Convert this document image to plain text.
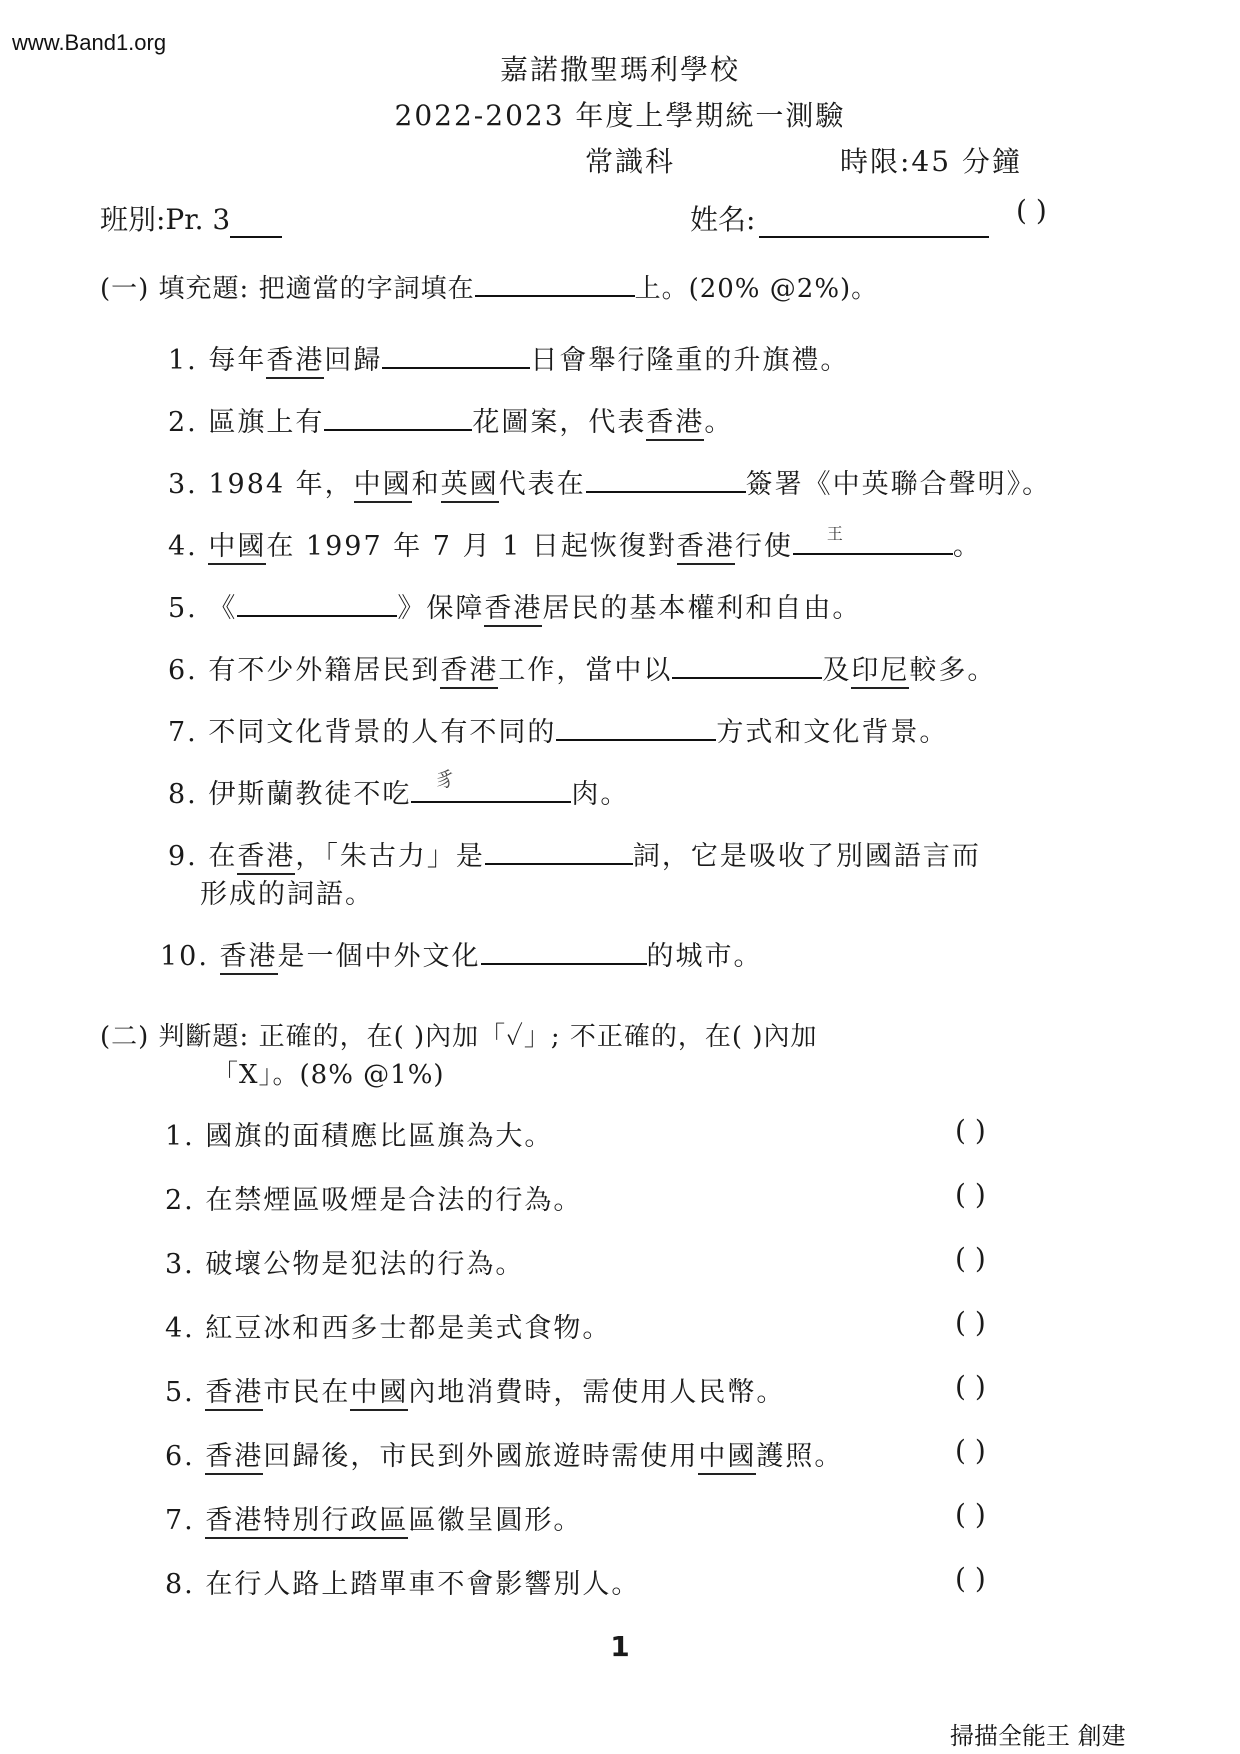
www.Band1.org
嘉諾撒聖瑪利學校
2022-2023 年度上學期統一測驗
常識科	時限:45 分鐘
班別:Pr. 3	姓名:	( )
(一) 填充題: 把適當的字詞填在	上。(20% @2%)。
1. 每年香港回歸	日會舉行隆重的升旗禮。
2. 區旗上有	花圖案，代表香港。
3. 1984 年，中國和英國代表在	簽署《中英聯合聲明》。
4. 中國在 1997 年 7 月 1 日起恢復對香港行使 王	。
5. 《	》保障香港居民的基本權利和自由。
6. 有不少外籍居民到香港工作，當中以	及印尼較多。
7. 不同文化背景的人有不同的	方式和文化背景。
8. 伊斯蘭教徒不吃 豸	肉。
9. 在香港，「朱古力」是	詞，它是吸收了別國語言而
形成的詞語。
10. 香港是一個中外文化	的城市。
(二) 判斷題: 正確的，在( )內加「✓」; 不正確的，在( )內加
「X」。(8% @1%)
1. 國旗的面積應比區旗為大。	( )
2. 在禁煙區吸煙是合法的行為。	( )
3. 破壞公物是犯法的行為。	( )
4. 紅豆冰和西多士都是美式食物。	( )
5. 香港市民在中國內地消費時，需使用人民幣。	( )
6. 香港回歸後，市民到外國旅遊時需使用中國護照。	( )
7. 香港特別行政區區徽呈圓形。	( )
8. 在行人路上踏單車不會影響別人。	( )
1
掃描全能王 創建
